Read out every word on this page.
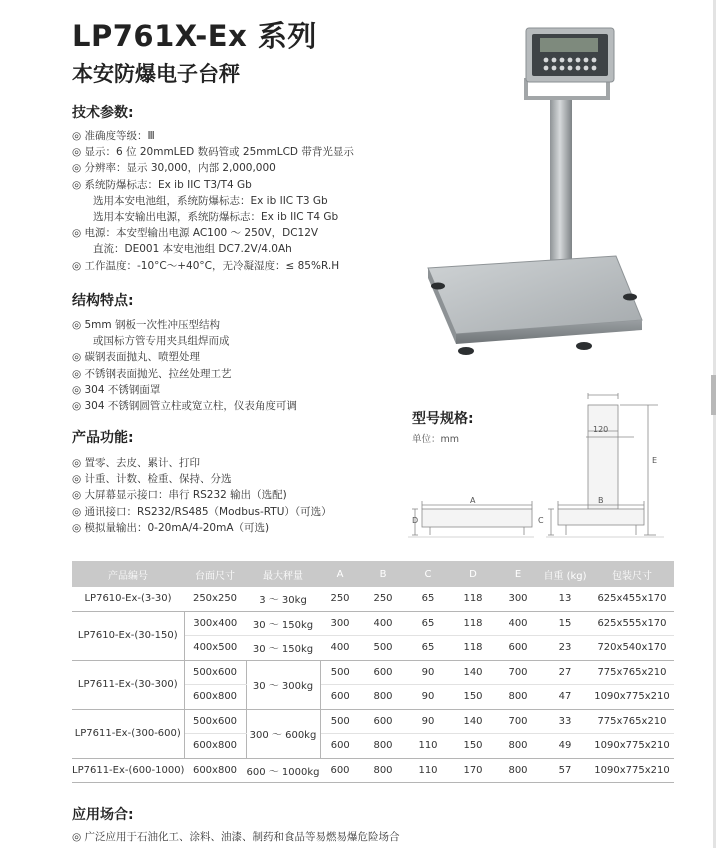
LP761X-Ex 系列
本安防爆电子台秤
技术参数:
◎ 准确度等级：Ⅲ
◎ 显示：6 位 20mmLED 数码管或 25mmLCD 带背光显示
◎ 分辨率：显示 30,000，内部 2,000,000
◎ 系统防爆标志：Ex ib IIC T3/T4 Gb
　　选用本安电池组，系统防爆标志：Ex ib IIC T3 Gb
　　选用本安输出电源，系统防爆标志：Ex ib IIC T4 Gb
◎ 电源：本安型输出电源 AC100 ～ 250V，DC12V
　　直流：DE001 本安电池组 DC7.2V/4.0Ah
◎ 工作温度：-10°C～+40°C，无冷凝湿度：≤ 85%R.H
结构特点:
◎ 5mm 钢板一次性冲压型结构
　　或国标方管专用夹具组焊而成
◎ 碳钢表面抛丸、喷塑处理
◎ 不锈钢表面抛光、拉丝处理工艺
◎ 304 不锈钢面罩
◎ 304 不锈钢圆管立柱或宽立柱，仪表角度可调
产品功能:
◎ 置零、去皮、累计、打印
◎ 计重、计数、检重、保持、分选
◎ 大屏幕显示接口：串行 RS232 输出（选配)
◎ 通讯接口：RS232/RS485（Modbus-RTU）（可选）
◎ 模拟量输出：0-20mA/4-20mA（可选)
型号规格:
单位：mm
A	B
C
D
E
120
产品编号	台面尺寸	最大秤量	A	B	C	D	E	自重 (kg)	包装尺寸
LP7610-Ex-(3-30)	250x250	3 ～ 30kg	250	250	65	118	300	13	625x455x170
LP7610-Ex-(30-150)	300x400	30 ～ 150kg	300	400	65	118	400	15	625x555x170
	400x500	30 ～ 150kg	400	500	65	118	600	23	720x540x170
LP7611-Ex-(30-300)	500x600	30 ～ 300kg	500	600	90	140	700	27	775x765x210
	600x800		600	800	90	150	800	47	1090x775x210
LP7611-Ex-(300-600)	500x600	300 ～ 600kg	500	600	90	140	700	33	775x765x210
	600x800		600	800	110	150	800	49	1090x775x210
LP7611-Ex-(600-1000)	600x800	600 ～ 1000kg	600	800	110	170	800	57	1090x775x210
应用场合:
◎ 广泛应用于石油化工、涂料、油漆、制药和食品等易燃易爆危险场合
